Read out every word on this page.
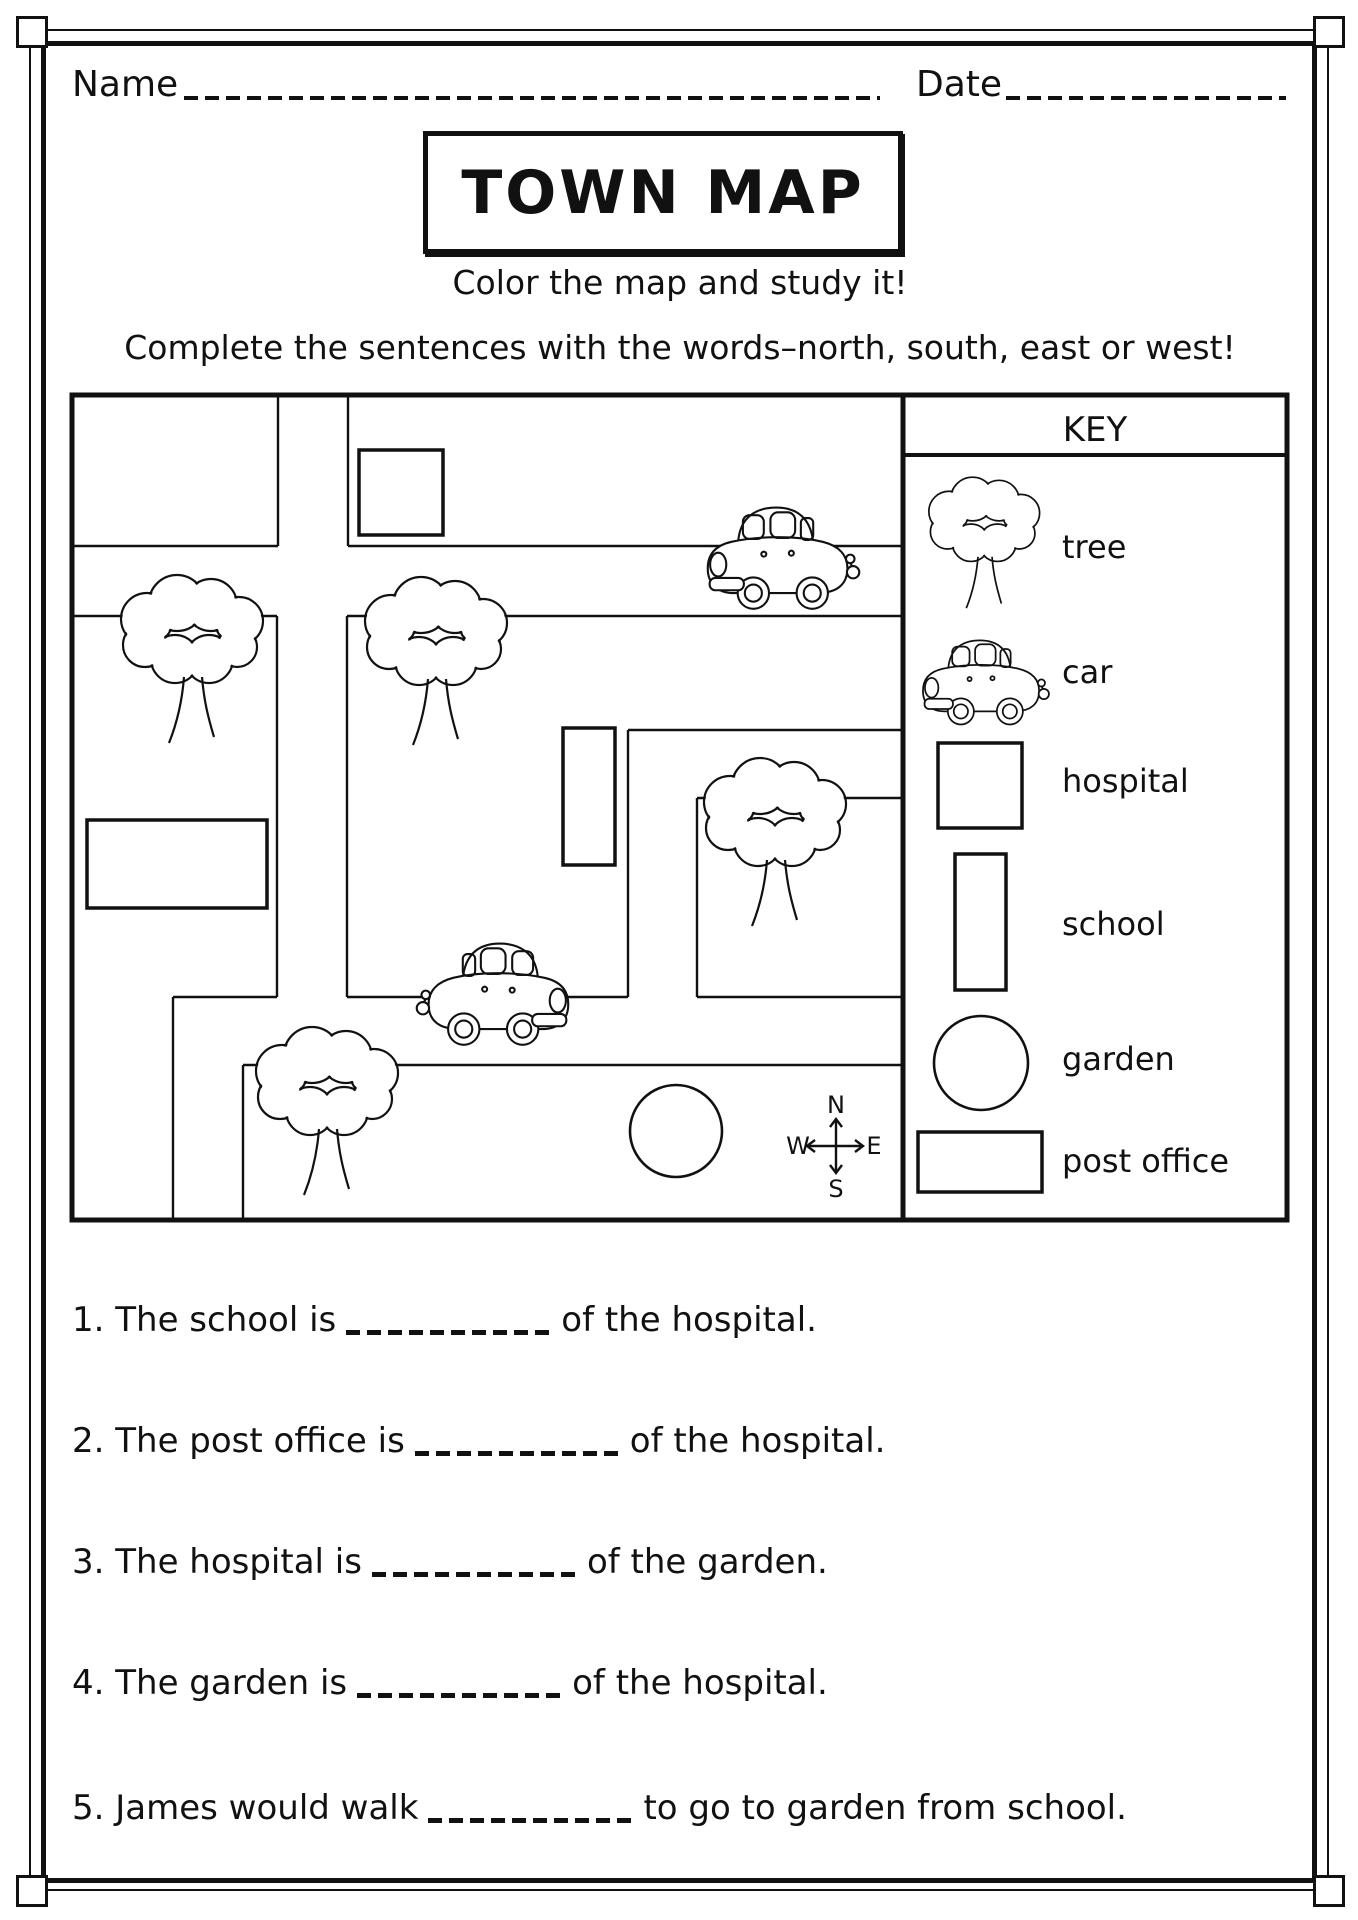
Name	Date
TOWN MAP
Color the map and study it!
Complete the sentences with the words–north, south, east or west!
N
S
W E
KEY
tree
car
hospital
school
garden
post office
1. The school is	of the hospital.
2. The post office is	of the hospital.
3. The hospital is	of the garden.
4. The garden is	of the hospital.
5. James would walk	to go to garden from school.
